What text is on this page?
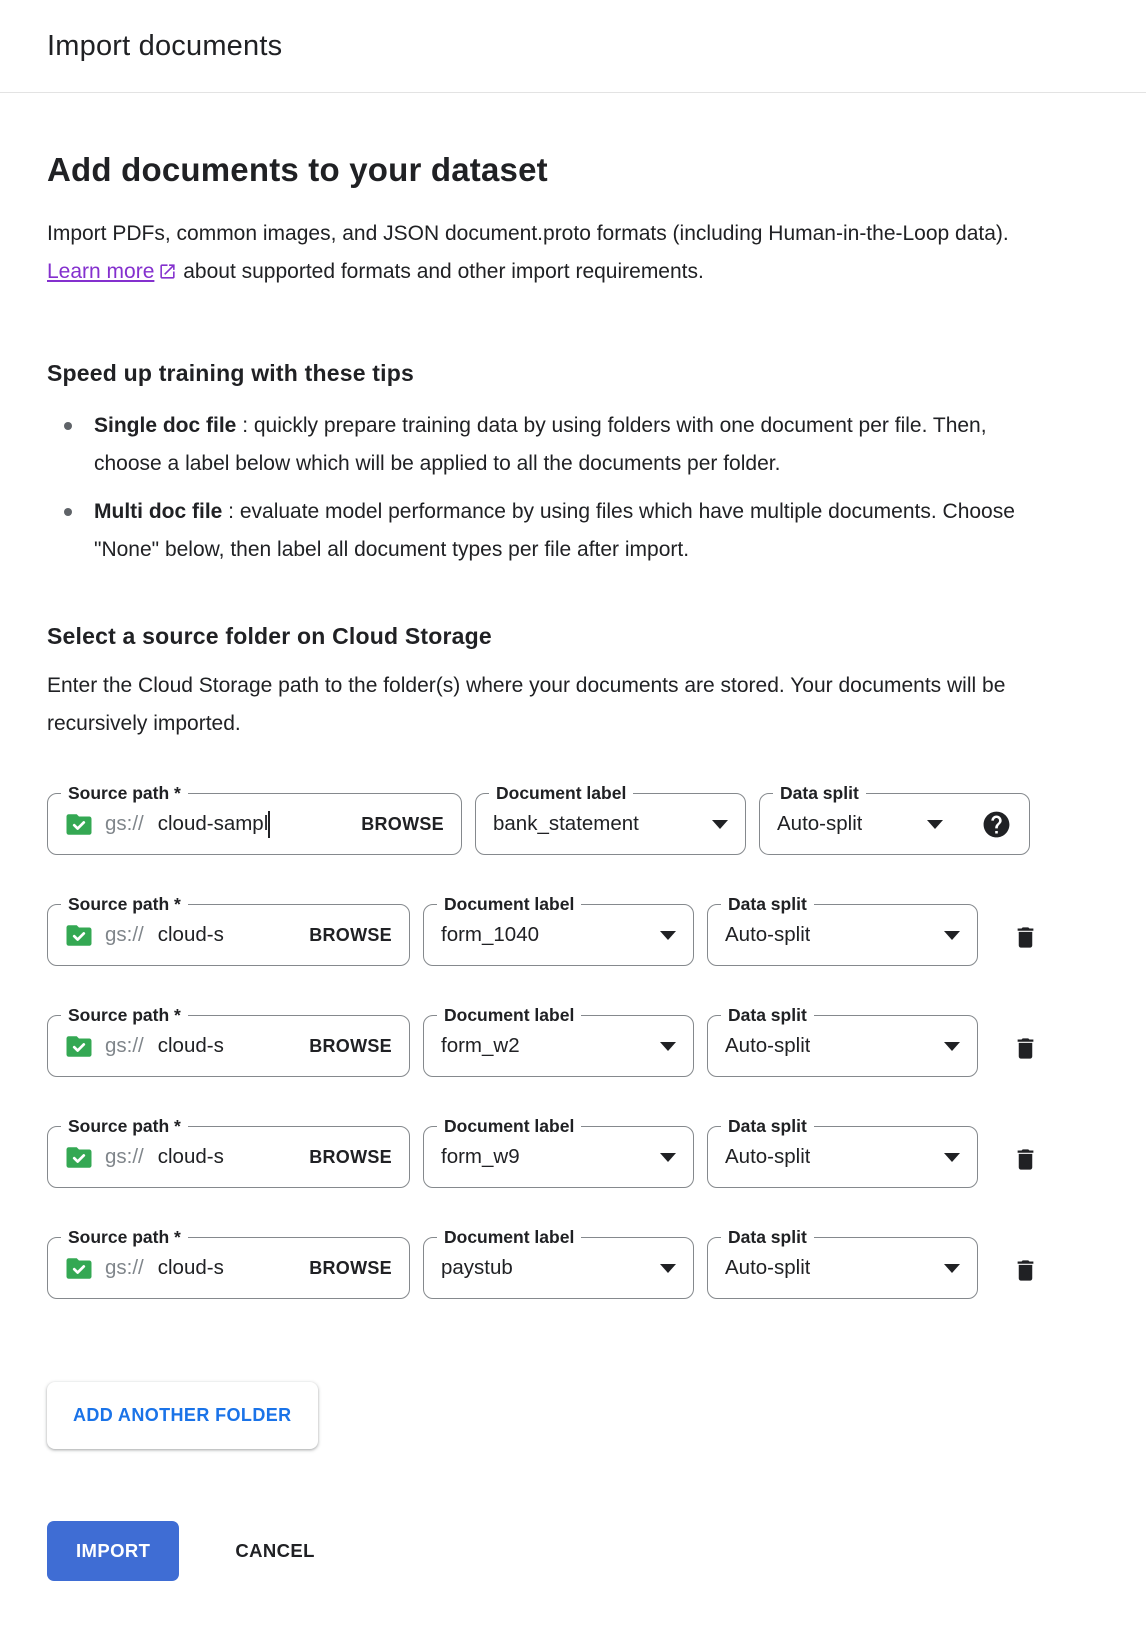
Import documents
Add documents to your dataset

Import PDFs, common images, and JSON document.proto formats (including Human-in-the-Loop data). Learn more about supported formats and other import requirements.

Speed up training with these tips
Single doc file : quickly prepare training data by using folders with one document per file. Then, choose a label below which will be applied to all the documents per folder.
Multi doc file : evaluate model performance by using files which have multiple documents. Choose "None" below, then label all document types per file after import.
Select a source folder on Cloud Storage

Enter the Cloud Storage path to the folder(s) where your documents are stored. Your documents will be recursively imported.

Source path *
gs:// cloud-sampl	BROWSE
Document label
bank_statement
Data split
Auto-split
Source path *
gs:// cloud-s	BROWSE
Document label
form_1040
Data split
Auto-split
Source path *
gs:// cloud-s	BROWSE
Document label
form_w2
Data split
Auto-split
Source path *
gs:// cloud-s	BROWSE
Document label
form_w9
Data split
Auto-split
Source path *
gs:// cloud-s	BROWSE
Document label
paystub
Data split
Auto-split
ADD ANOTHER FOLDER
IMPORT	CANCEL
